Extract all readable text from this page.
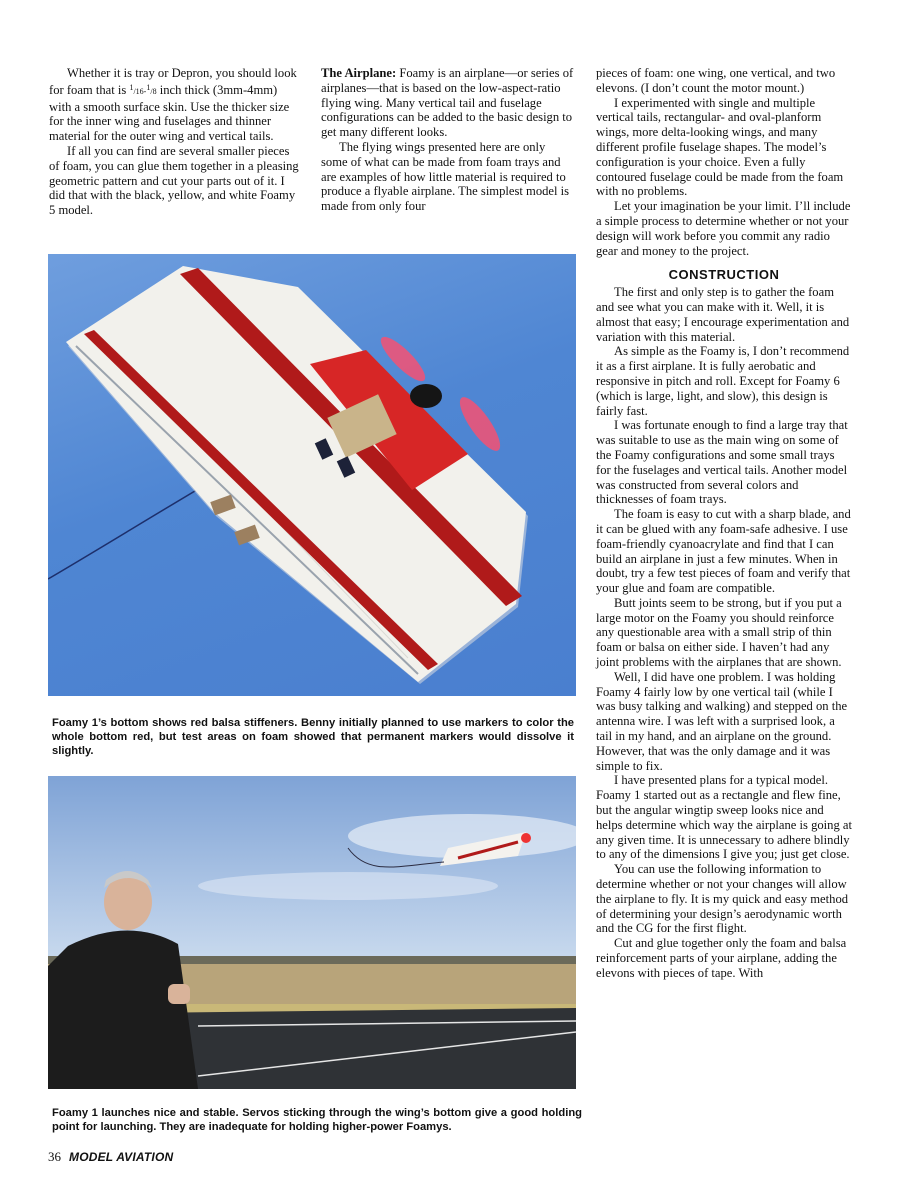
Whether it is tray or Depron, you should look for foam that is $^1$/16-$^1$/8 inch thick (3mm-4mm) with a smooth surface skin. Use the thicker size for the inner wing and fuselages and thinner material for the outer wing and vertical tails.

If all you can find are several smaller pieces of foam, you can glue them together in a pleasing geometric pattern and cut your parts out of it. I did that with the black, yellow, and white Foamy 5 model.

The Airplane: Foamy is an airplane—or series of airplanes—that is based on the low-aspect-ratio flying wing. Many vertical tail and fuselage configurations can be added to the basic design to get many different looks.

The flying wings presented here are only some of what can be made from foam trays and are examples of how little material is required to produce a flyable airplane. The simplest model is made from only four

pieces of foam: one wing, one vertical, and two elevons. (I don’t count the motor mount.)

I experimented with single and multiple vertical tails, rectangular- and oval-planform wings, more delta-looking wings, and many different profile fuselage shapes. The model’s configuration is your choice. Even a fully contoured fuselage could be made from the foam with no problems.

Let your imagination be your limit. I’ll include a simple process to determine whether or not your design will work before you commit any radio gear and money to the project.

CONSTRUCTION

The first and only step is to gather the foam and see what you can make with it. Well, it is almost that easy; I encourage experimentation and variation with this material.

As simple as the Foamy is, I don’t recommend it as a first airplane. It is fully aerobatic and responsive in pitch and roll. Except for Foamy 6 (which is large, light, and slow), this design is fairly fast.

I was fortunate enough to find a large tray that was suitable to use as the main wing on some of the Foamy configurations and some small trays for the fuselages and vertical tails. Another model was constructed from several colors and thicknesses of foam trays.

The foam is easy to cut with a sharp blade, and it can be glued with any foam-safe adhesive. I use foam-friendly cyanoacrylate and find that I can build an airplane in just a few minutes. When in doubt, try a few test pieces of foam and verify that your glue and foam are compatible.

Butt joints seem to be strong, but if you put a large motor on the Foamy you should reinforce any questionable area with a small strip of thin foam or balsa on either side. I haven’t had any joint problems with the airplanes that are shown.

Well, I did have one problem. I was holding Foamy 4 fairly low by one vertical tail (while I was busy talking and walking) and stepped on the antenna wire. I was left with a surprised look, a tail in my hand, and an airplane on the ground. However, that was the only damage and it was simple to fix.

I have presented plans for a typical model. Foamy 1 started out as a rectangle and flew fine, but the angular wingtip sweep looks nice and helps determine which way the airplane is going at any given time. It is unnecessary to adhere blindly to any of the dimensions I give you; just get close.

You can use the following information to determine whether or not your changes will allow the airplane to fly. It is my quick and easy method of determining your design’s aerodynamic worth and the CG for the first flight.

Cut and glue together only the foam and balsa reinforcement parts of your airplane, adding the elevons with pieces of tape. With

Foamy 1’s bottom shows red balsa stiffeners. Benny initially planned to use markers to color the whole bottom red, but test areas on foam showed that permanent markers would dissolve it slightly.
Foamy 1 launches nice and stable. Servos sticking through the wing’s bottom give a good holding point for launching. They are inadequate for holding higher-power Foamys.
36 MODEL AVIATION
